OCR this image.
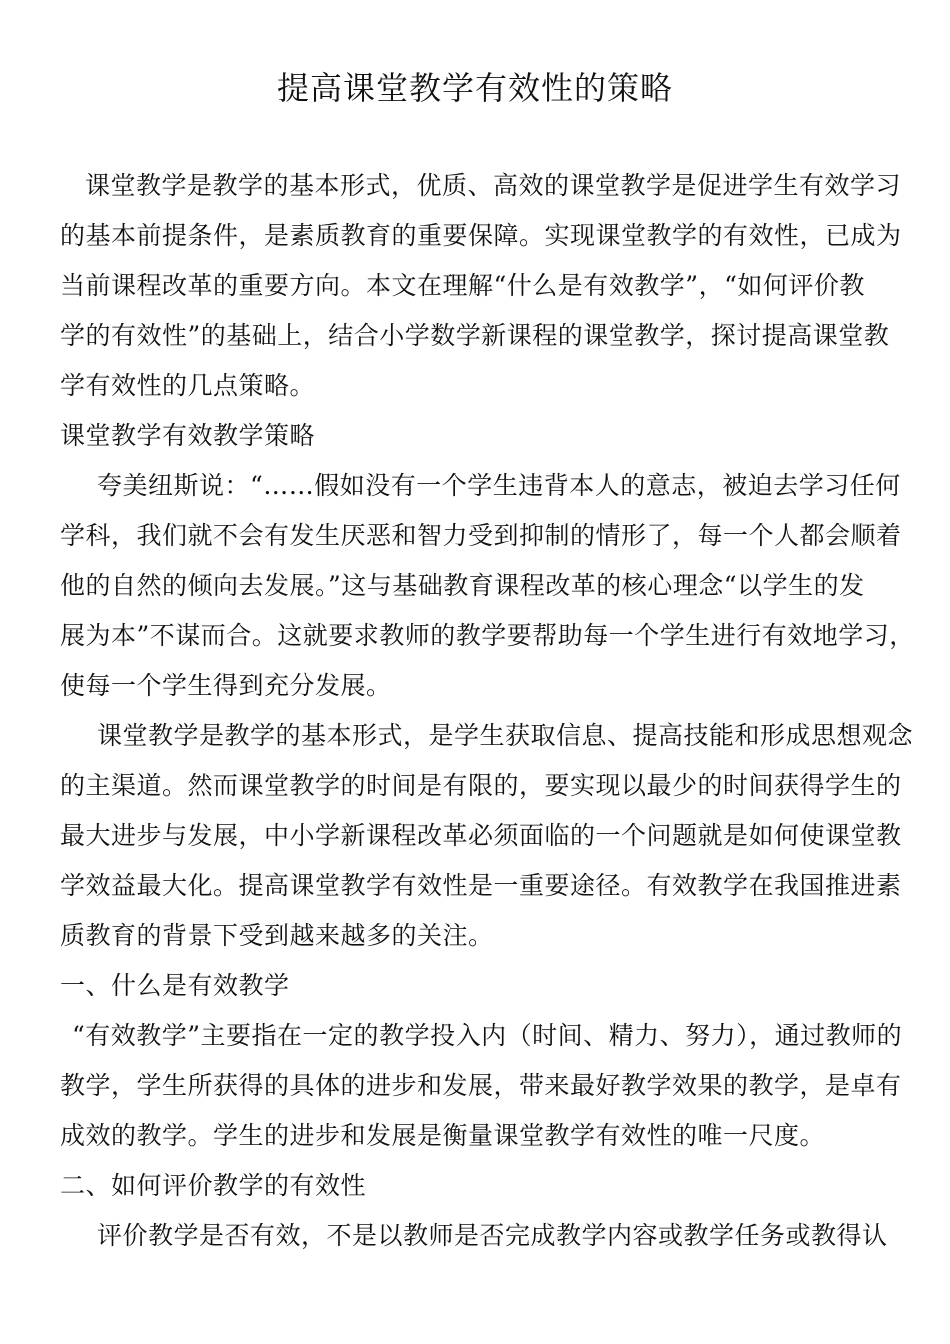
提高课堂教学有效性的策略
课堂教学是教学的基本形式，优质、高效的课堂教学是促进学生有效学习
的基本前提条件，是素质教育的重要保障。实现课堂教学的有效性，已成为
当前课程改革的重要方向。本文在理解“什么是有效教学”，“如何评价教
学的有效性”的基础上，结合小学数学新课程的课堂教学，探讨提高课堂教
学有效性的几点策略。
课堂教学有效教学策略
夸美纽斯说：“……假如没有一个学生违背本人的意志，被迫去学习任何
学科，我们就不会有发生厌恶和智力受到抑制的情形了，每一个人都会顺着
他的自然的倾向去发展。”这与基础教育课程改革的核心理念“以学生的发
展为本”不谋而合。这就要求教师的教学要帮助每一个学生进行有效地学习，
使每一个学生得到充分发展。
课堂教学是教学的基本形式，是学生获取信息、提高技能和形成思想观念
的主渠道。然而课堂教学的时间是有限的，要实现以最少的时间获得学生的
最大进步与发展，中小学新课程改革必须面临的一个问题就是如何使课堂教
学效益最大化。提高课堂教学有效性是一重要途径。有效教学在我国推进素
质教育的背景下受到越来越多的关注。
一、什么是有效教学
“有效教学”主要指在一定的教学投入内（时间、精力、努力），通过教师的
教学，学生所获得的具体的进步和发展，带来最好教学效果的教学，是卓有
成效的教学。学生的进步和发展是衡量课堂教学有效性的唯一尺度。
二、如何评价教学的有效性
评价教学是否有效，不是以教师是否完成教学内容或教学任务或教得认
